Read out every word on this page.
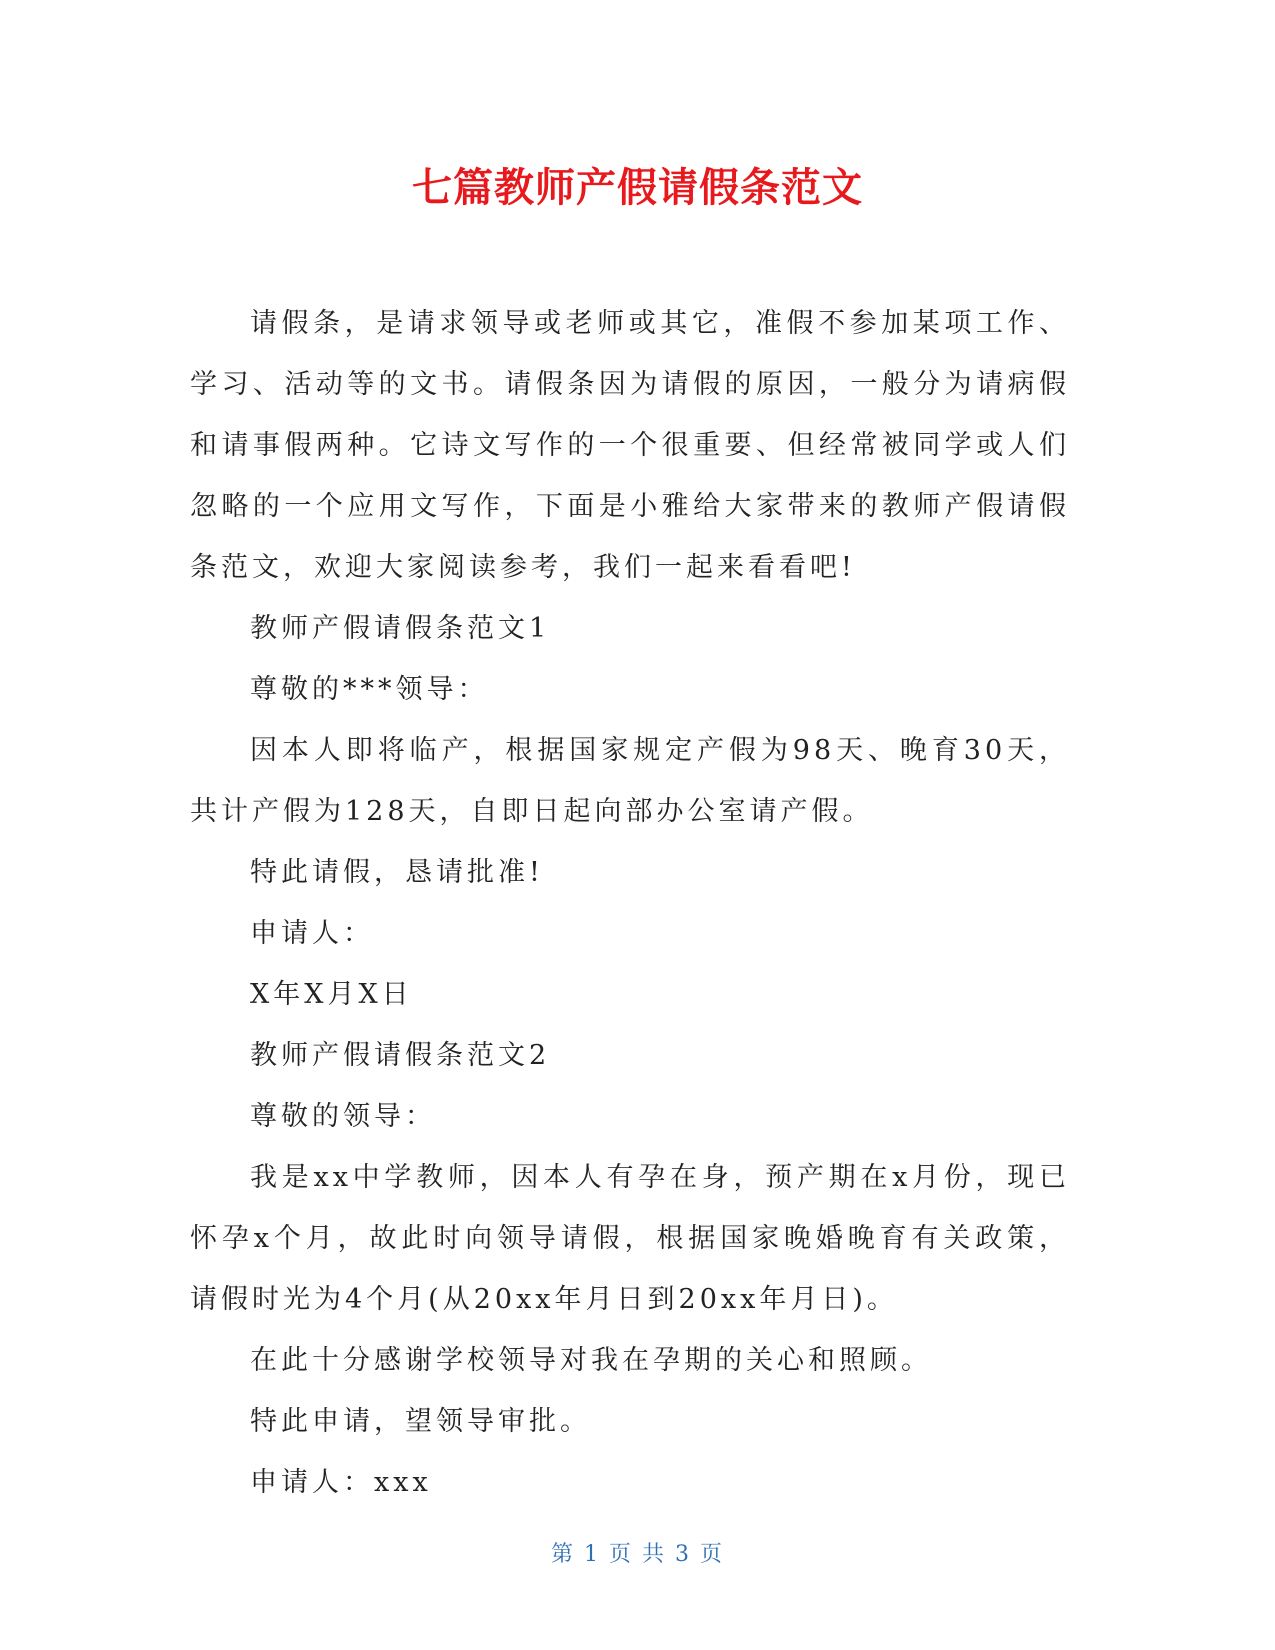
七篇教师产假请假条范文

请假条，是请求领导或老师或其它，准假不参加某项工作、学习、活动等的文书。请假条因为请假的原因，一般分为请病假和请事假两种。它诗文写作的一个很重要、但经常被同学或人们忽略的一个应用文写作，下面是小雅给大家带来的教师产假请假条范文，欢迎大家阅读参考，我们一起来看看吧!

教师产假请假条范文1

尊敬的***领导：

因本人即将临产，根据国家规定产假为98天、晚育30天，共计产假为128天，自即日起向部办公室请产假。

特此请假，恳请批准!

申请人：

X年X月X日

教师产假请假条范文2

尊敬的领导：

我是xx中学教师，因本人有孕在身，预产期在x月份，现已怀孕x个月，故此时向领导请假，根据国家晚婚晚育有关政策，请假时光为4个月(从20xx年月日到20xx年月日)。

在此十分感谢学校领导对我在孕期的关心和照顾。

特此申请，望领导审批。

申请人：xxx

第 1 页 共 3 页
